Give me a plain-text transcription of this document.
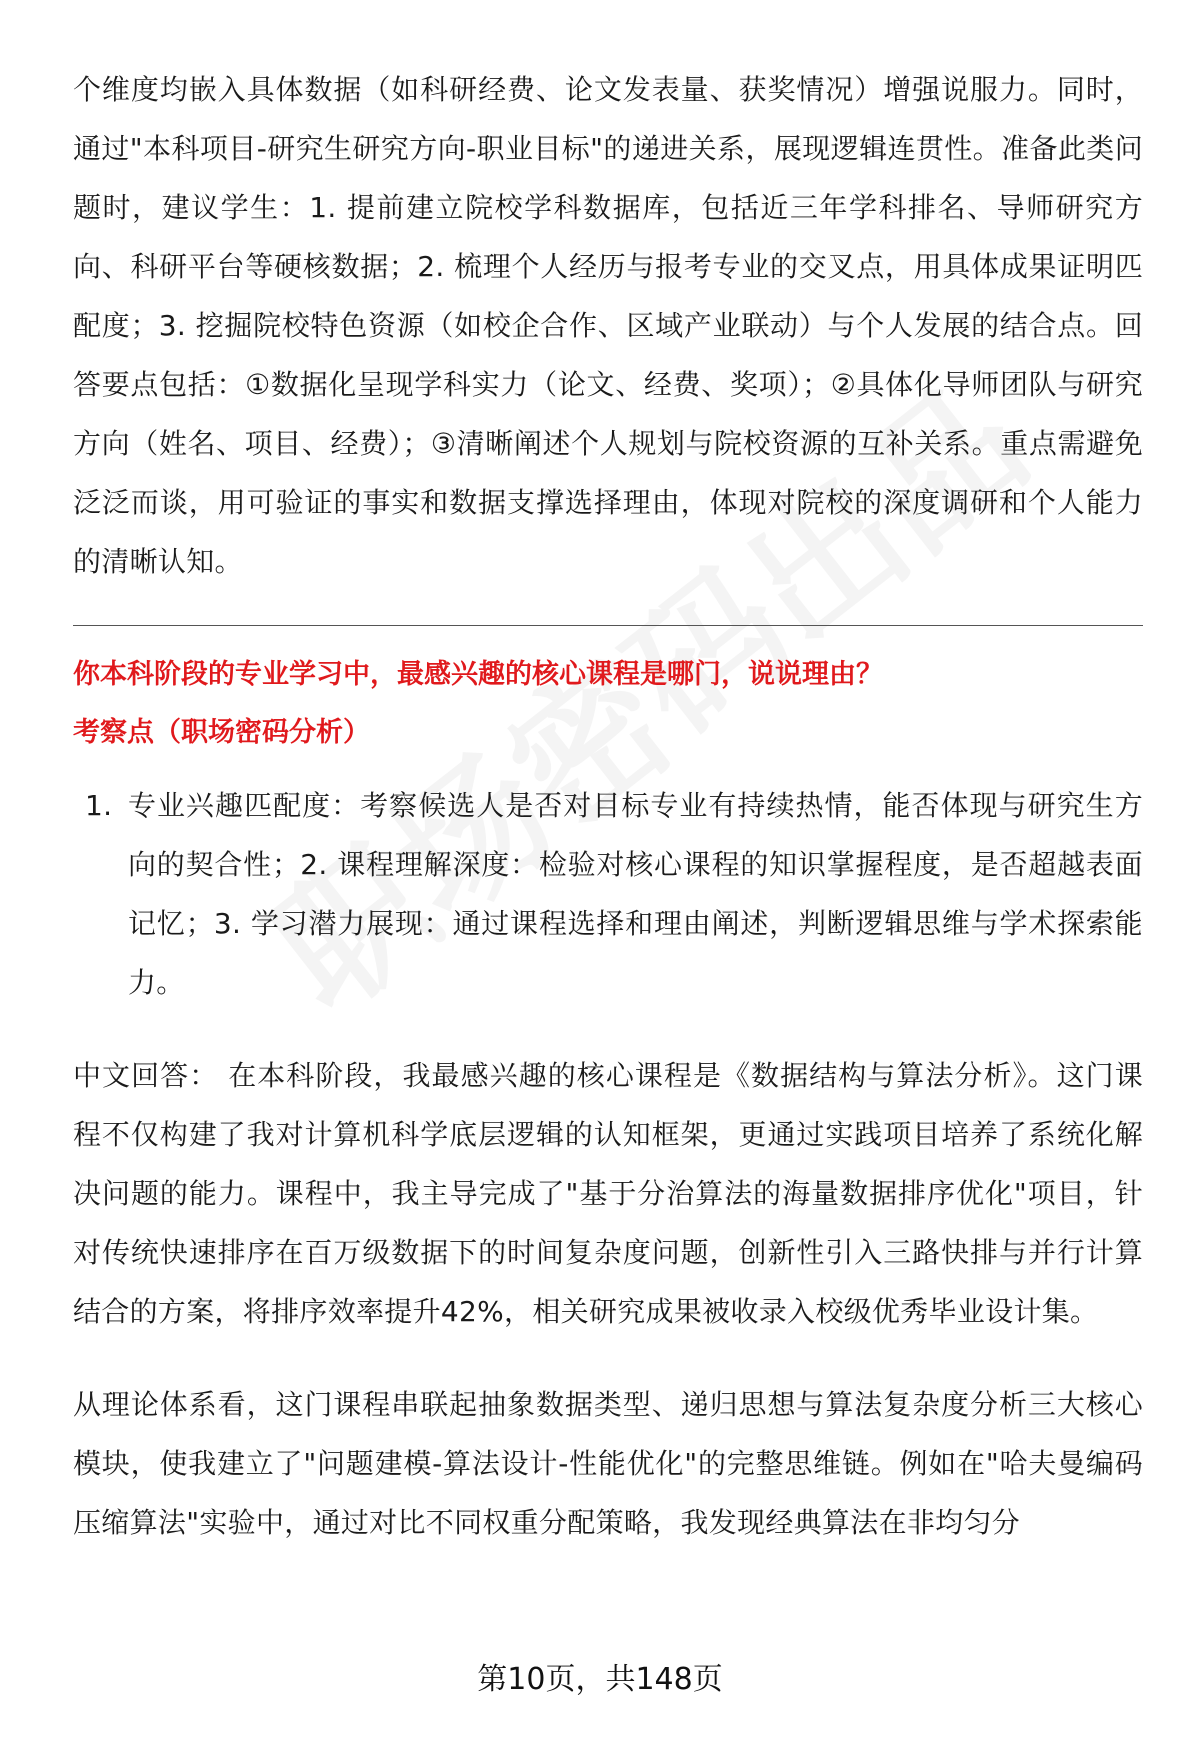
个维度均嵌入具体数据（如科研经费、论文发表量、获奖情况）增强说服力。同时，通过"本科项目-研究生研究方向-职业目标"的递进关系，展现逻辑连贯性。准备此类问题时，建议学生：1. 提前建立院校学科数据库，包括近三年学科排名、导师研究方向、科研平台等硬核数据；2. 梳理个人经历与报考专业的交叉点，用具体成果证明匹配度；3. 挖掘院校特色资源（如校企合作、区域产业联动）与个人发展的结合点。回答要点包括：①数据化呈现学科实力（论文、经费、奖项）；②具体化导师团队与研究方向（姓名、项目、经费）；③清晰阐述个人规划与院校资源的互补关系。重点需避免泛泛而谈，用可验证的事实和数据支撑选择理由，体现对院校的深度调研和个人能力的清晰认知。

你本科阶段的专业学习中，最感兴趣的核心课程是哪门，说说理由？

考察点（职场密码分析）

1. 专业兴趣匹配度：考察候选人是否对目标专业有持续热情，能否体现与研究生方向的契合性；2. 课程理解深度：检验对核心课程的知识掌握程度，是否超越表面记忆；3. 学习潜力展现：通过课程选择和理由阐述，判断逻辑思维与学术探索能力。

中文回答： 在本科阶段，我最感兴趣的核心课程是《数据结构与算法分析》。这门课程不仅构建了我对计算机科学底层逻辑的认知框架，更通过实践项目培养了系统化解决问题的能力。课程中，我主导完成了"基于分治算法的海量数据排序优化"项目，针对传统快速排序在百万级数据下的时间复杂度问题，创新性引入三路快排与并行计算结合的方案，将排序效率提升42%，相关研究成果被收录入校级优秀毕业设计集。

从理论体系看，这门课程串联起抽象数据类型、递归思想与算法复杂度分析三大核心模块，使我建立了"问题建模-算法设计-性能优化"的完整思维链。例如在"哈夫曼编码压缩算法"实验中，通过对比不同权重分配策略，我发现经典算法在非均匀分

第10页，共148页
